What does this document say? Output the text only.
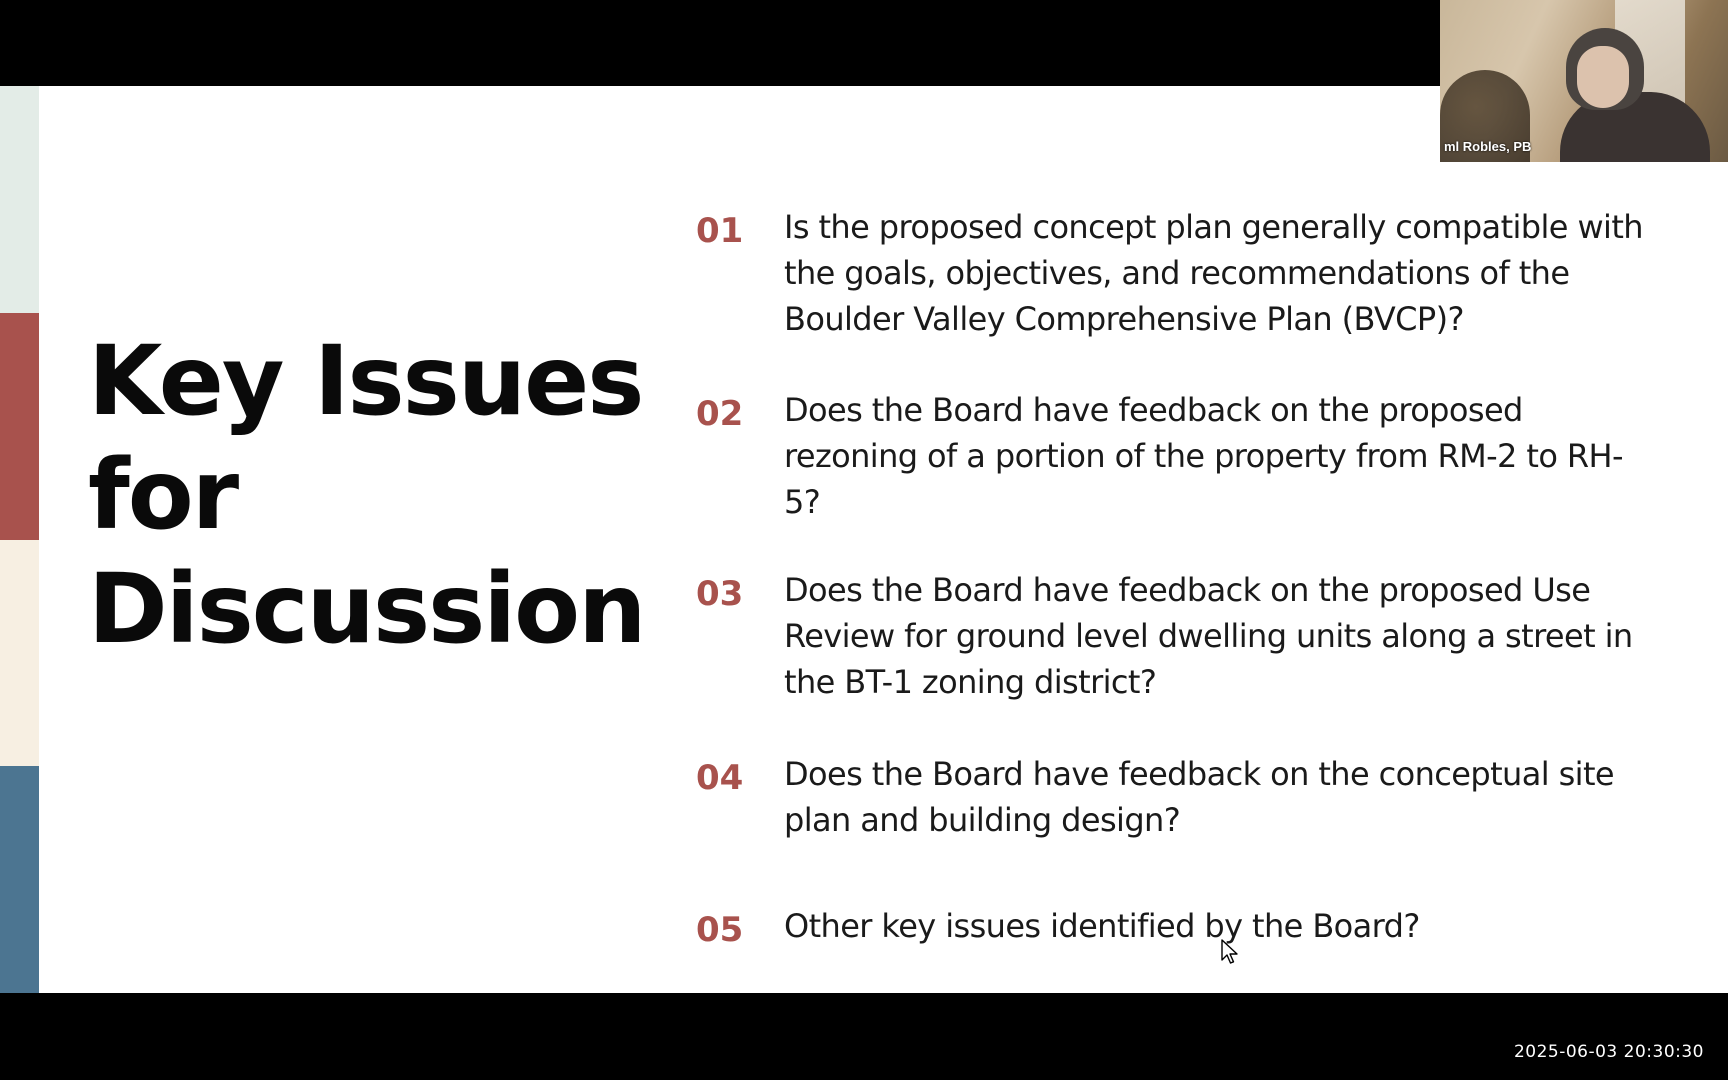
Key Issues
for
Discussion
01 Is the proposed concept plan generally compatible with the goals, objectives, and recommendations of the Boulder Valley Comprehensive Plan (BVCP)?
02 Does the Board have feedback on the proposed rezoning of a portion of the property from RM-2 to RH-5?
03 Does the Board have feedback on the proposed Use Review for ground level dwelling units along a street in the BT-1 zoning district?
04 Does the Board have feedback on the conceptual site plan and building design?
05 Other key issues identified by the Board?
ml Robles, PB
2025-06-03 20:30:30
